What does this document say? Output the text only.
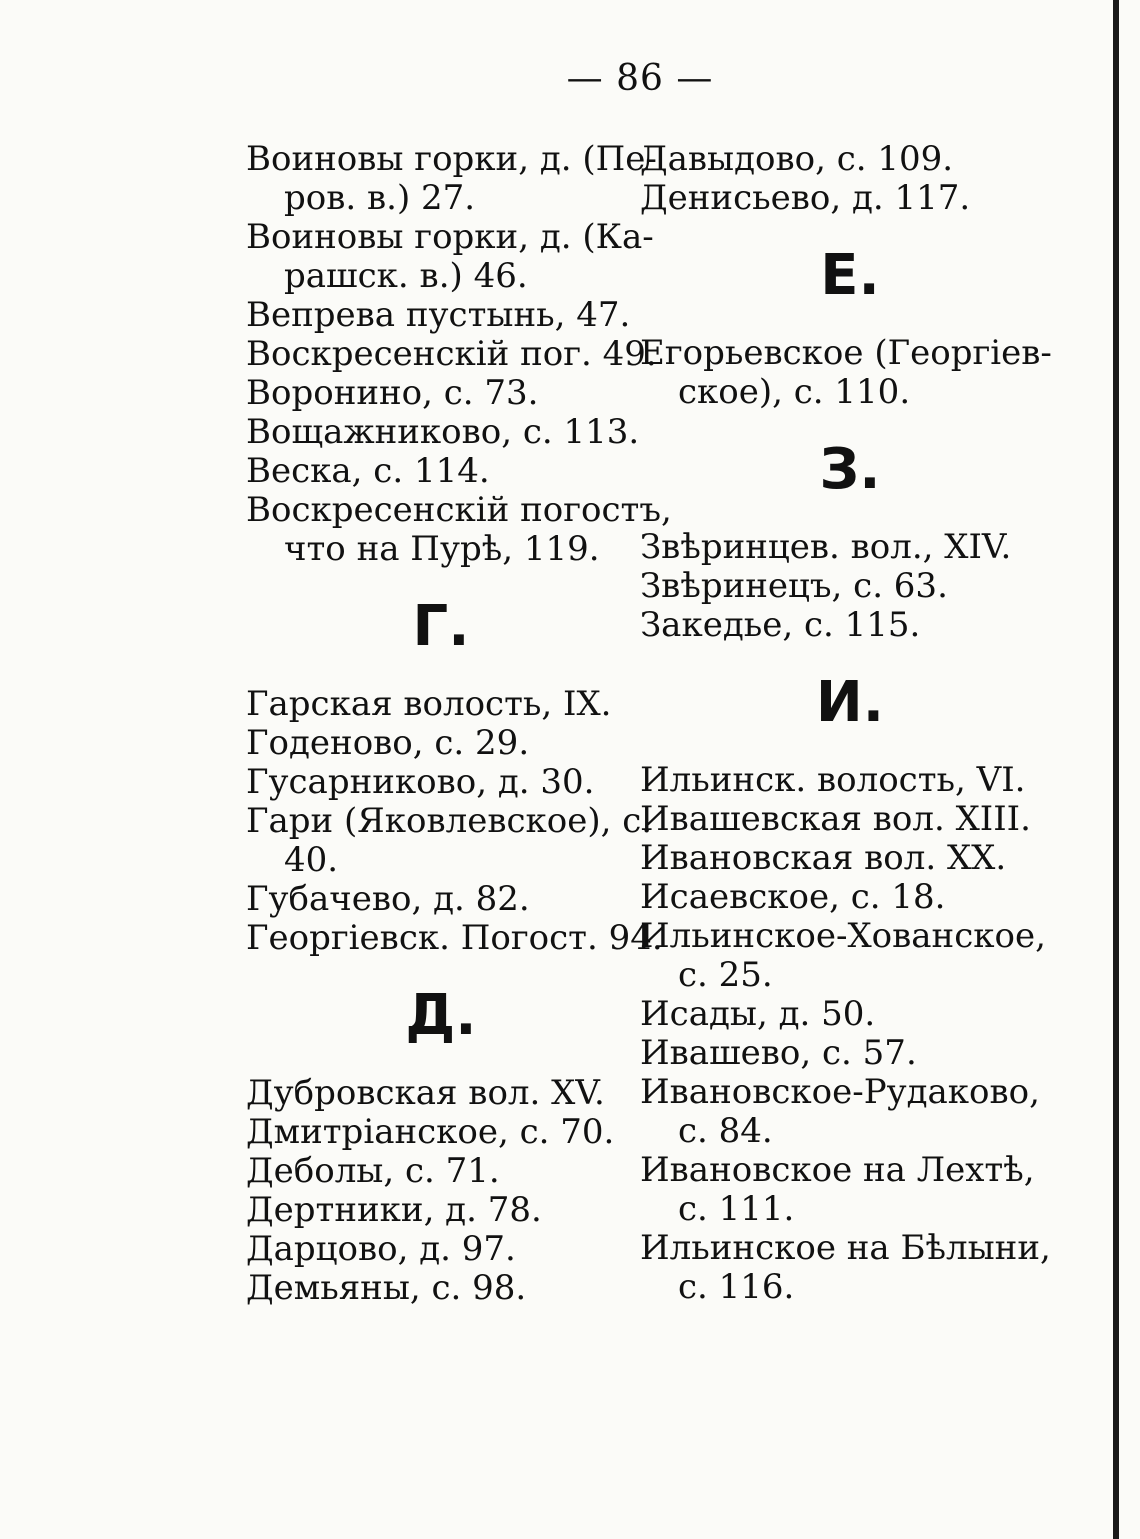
— 86 —
Воиновы горки, д. (Пе-
ров. в.) 27.
Воиновы горки, д. (Ка-
рашск. в.) 46.
Вепрева пустынь, 47.
Воскресенскій пог. 49.
Воронино, с. 73.
Вощажниково, с. 113.
Веска, с. 114.
Воскресенскій погостъ,
что на Пурѣ, 119.
Г.
Гарская волость, IX.
Годеново, с. 29.
Гусарниково, д. 30.
Гари (Яковлевское), с.
40.
Губачево, д. 82.
Георгіевск. Погост. 94.
Д.
Дубровская вол. XV.
Дмитріанское, с. 70.
Деболы, с. 71.
Дертники, д. 78.
Дарцово, д. 97.
Демьяны, с. 98.
Давыдово, с. 109.
Денисьево, д. 117.
Е.
Егорьевское (Георгіев-
ское), с. 110.
З.
Звѣринцев. вол., XIV.
Звѣринецъ, с. 63.
Закедье, с. 115.
И.
Ильинск. волость, VI.
Ивашевская вол. XIII.
Ивановская вол. XX.
Исаевское, с. 18.
Ильинское-Хованское,
с. 25.
Исады, д. 50.
Ивашево, с. 57.
Ивановское-Рудаково,
с. 84.
Ивановское на Лехтѣ,
с. 111.
Ильинское на Бѣлыни,
с. 116.
